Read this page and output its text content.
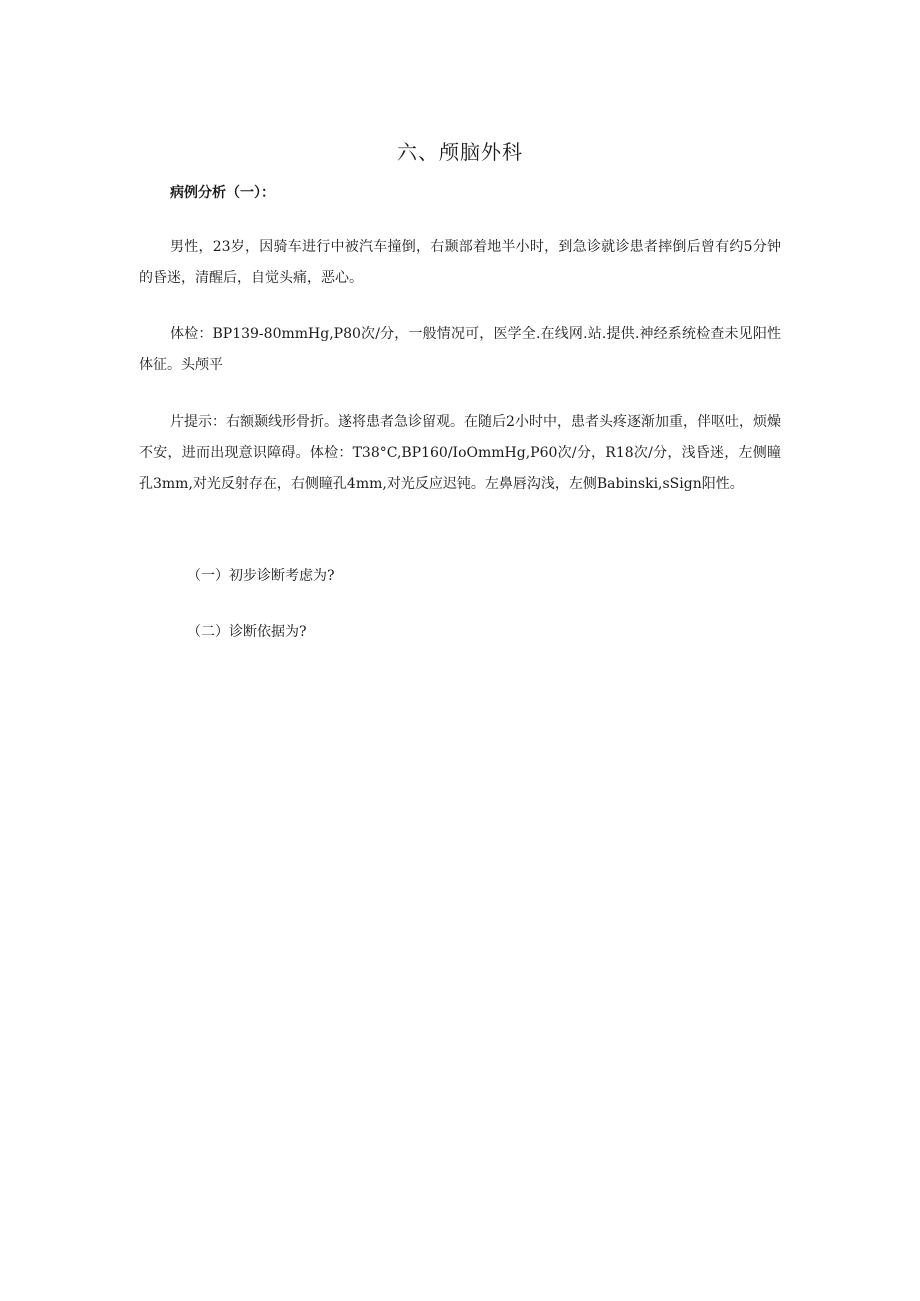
六、颅脑外科
病例分析（一）：

男性，23岁，因骑车进行中被汽车撞倒，右颞部着地半小时，到急诊就诊患者摔倒后曾有约5分钟的昏迷，清醒后，自觉头痛，恶心。

体检：BP139-80mmHg,P80次/分，一般情况可，医学全.在线网.站.提供.神经系统检查未见阳性体征。头颅平

片提示：右额颞线形骨折。遂将患者急诊留观。在随后2小时中，患者头疼逐渐加重，伴呕吐，烦燥不安，进而出现意识障碍。体检：T38°C,BP160/IoOmmHg,P60次/分，R18次/分，浅昏迷，左侧瞳孔3mm,对光反射存在，右侧瞳孔4mm,对光反应迟钝。左鼻唇沟浅，左侧Babinski,sSign阳性。

（一）初步诊断考虑为?
（二）诊断依据为?
